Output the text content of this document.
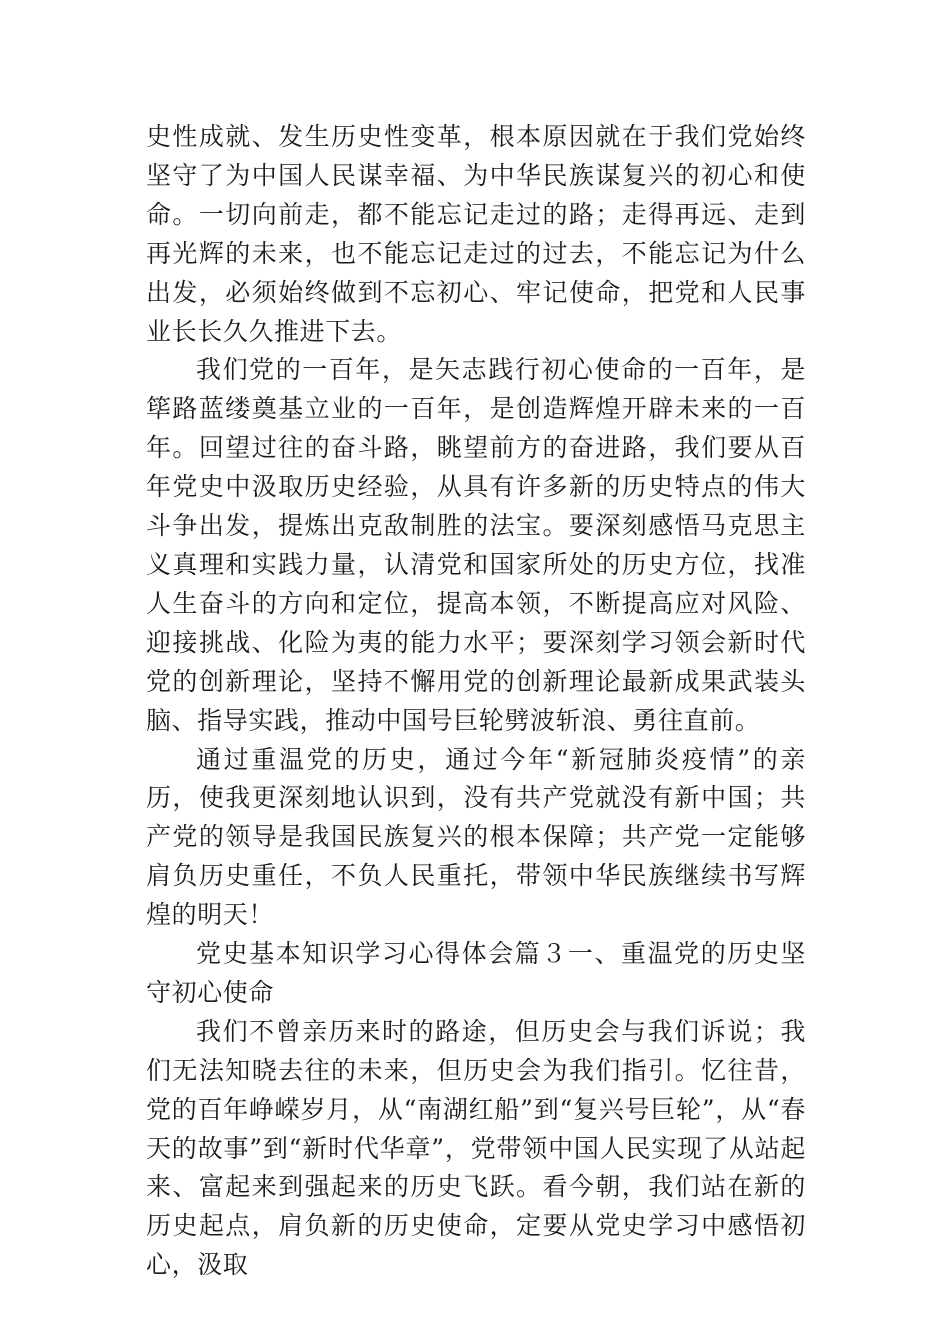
史性成就、发生历史性变革，根本原因就在于我们党始终坚守了为中国人民谋幸福、为中华民族谋复兴的初心和使命。一切向前走，都不能忘记走过的路；走得再远、走到再光辉的未来，也不能忘记走过的过去，不能忘记为什么出发，必须始终做到不忘初心、牢记使命，把党和人民事业长长久久推进下去。

我们党的一百年，是矢志践行初心使命的一百年，是筚路蓝缕奠基立业的一百年，是创造辉煌开辟未来的一百年。回望过往的奋斗路，眺望前方的奋进路，我们要从百年党史中汲取历史经验，从具有许多新的历史特点的伟大斗争出发，提炼出克敌制胜的法宝。要深刻感悟马克思主义真理和实践力量，认清党和国家所处的历史方位，找准人生奋斗的方向和定位，提高本领，不断提高应对风险、迎接挑战、化险为夷的能力水平；要深刻学习领会新时代党的创新理论，坚持不懈用党的创新理论最新成果武装头脑、指导实践，推动中国号巨轮劈波斩浪、勇往直前。

通过重温党的历史，通过今年“新冠肺炎疫情”的亲历，使我更深刻地认识到，没有共产党就没有新中国；共产党的领导是我国民族复兴的根本保障；共产党一定能够肩负历史重任，不负人民重托，带领中华民族继续书写辉煌的明天！

党史基本知识学习心得体会篇３一、重温党的历史坚守初心使命

我们不曾亲历来时的路途，但历史会与我们诉说；我们无法知晓去往的未来，但历史会为我们指引。忆往昔，党的百年峥嵘岁月，从“南湖红船”到“复兴号巨轮”，从“春天的故事”到“新时代华章”，党带领中国人民实现了从站起来、富起来到强起来的历史飞跃。看今朝，我们站在新的历史起点，肩负新的历史使命，定要从党史学习中感悟初心，汲取
